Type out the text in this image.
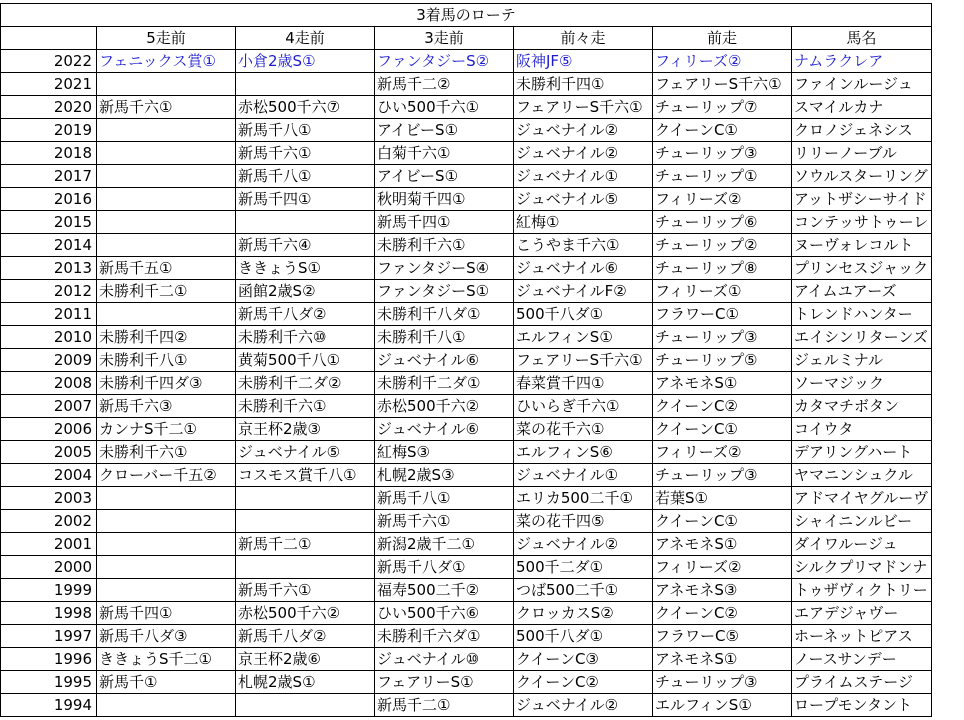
3着馬のローテ						
	5走前	4走前	3走前	前々走	前走	馬名
2022	フェニックス賞①	小倉2歳S①	ファンタジーS②	阪神JF⑤	フィリーズ②	ナムラクレア
2021			新馬千二②	未勝利千四①	フェアリーS千六①	ファインルージュ
2020	新馬千六①	赤松500千六⑦	ひい500千六①	フェアリーS千六①	チューリップ⑦	スマイルカナ
2019		新馬千八①	アイビーS①	ジュベナイル②	クイーンC①	クロノジェネシス
2018		新馬千六①	白菊千六①	ジュベナイル②	チューリップ③	リリーノーブル
2017		新馬千八①	アイビーS①	ジュベナイル①	チューリップ①	ソウルスターリング
2016		新馬千四①	秋明菊千四①	ジュベナイル⑤	フィリーズ②	アットザシーサイド
2015			新馬千四①	紅梅①	チューリップ⑥	コンテッサトゥーレ
2014		新馬千六④	未勝利千六①	こうやま千六①	チューリップ②	ヌーヴォレコルト
2013	新馬千五①	ききょうS①	ファンタジーS④	ジュベナイル⑥	チューリップ⑧	プリンセスジャック
2012	未勝利千二①	函館2歳S②	ファンタジーS①	ジュベナイルF②	フィリーズ①	アイムユアーズ
2011		新馬千八ダ②	未勝利千八ダ①	500千八ダ①	フラワーC①	トレンドハンター
2010	未勝利千四②	未勝利千六⑩	未勝利千八①	エルフィンS①	チューリップ③	エイシンリターンズ
2009	未勝利千八①	黄菊500千八①	ジュベナイル⑥	フェアリーS千六①	チューリップ⑤	ジェルミナル
2008	未勝利千四ダ③	未勝利千二ダ②	未勝利千二ダ①	春菜賞千四①	アネモネS①	ソーマジック
2007	新馬千六③	未勝利千六①	赤松500千六②	ひいらぎ千六①	クイーンC②	カタマチボタン
2006	カンナS千二①	京王杯2歳③	ジュベナイル⑥	菜の花千六①	クイーンC①	コイウタ
2005	未勝利千六①	ジュベナイル⑤	紅梅S③	エルフィンS⑥	フィリーズ②	デアリングハート
2004	クローバー千五②	コスモス賞千八①	札幌2歳S③	ジュベナイル①	チューリップ③	ヤマニンシュクル
2003			新馬千八①	エリカ500二千①	若葉S①	アドマイヤグルーヴ
2002			新馬千六①	菜の花千四⑤	クイーンC①	シャイニンルビー
2001		新馬千二①	新潟2歳千二①	ジュベナイル②	アネモネS①	ダイワルージュ
2000			新馬千八ダ①	500千二ダ①	フィリーズ②	シルクプリマドンナ
1999		新馬千六①	福寿500二千②	つば500二千①	アネモネS③	トゥザヴィクトリー
1998	新馬千四①	赤松500千六②	ひい500千六⑥	クロッカスS②	クイーンC②	エアデジャヴー
1997	新馬千八ダ③	新馬千八ダ②	未勝利千六ダ①	500千八ダ①	フラワーC⑤	ホーネットピアス
1996	ききょうS千二①	京王杯2歳⑥	ジュベナイル⑩	クイーンC③	アネモネS①	ノースサンデー
1995	新馬千①	札幌2歳S①	フェアリーS①	クイーンC②	チューリップ③	プライムステージ
1994			新馬千二①	ジュベナイル②	エルフィンS①	ロープモンタント
